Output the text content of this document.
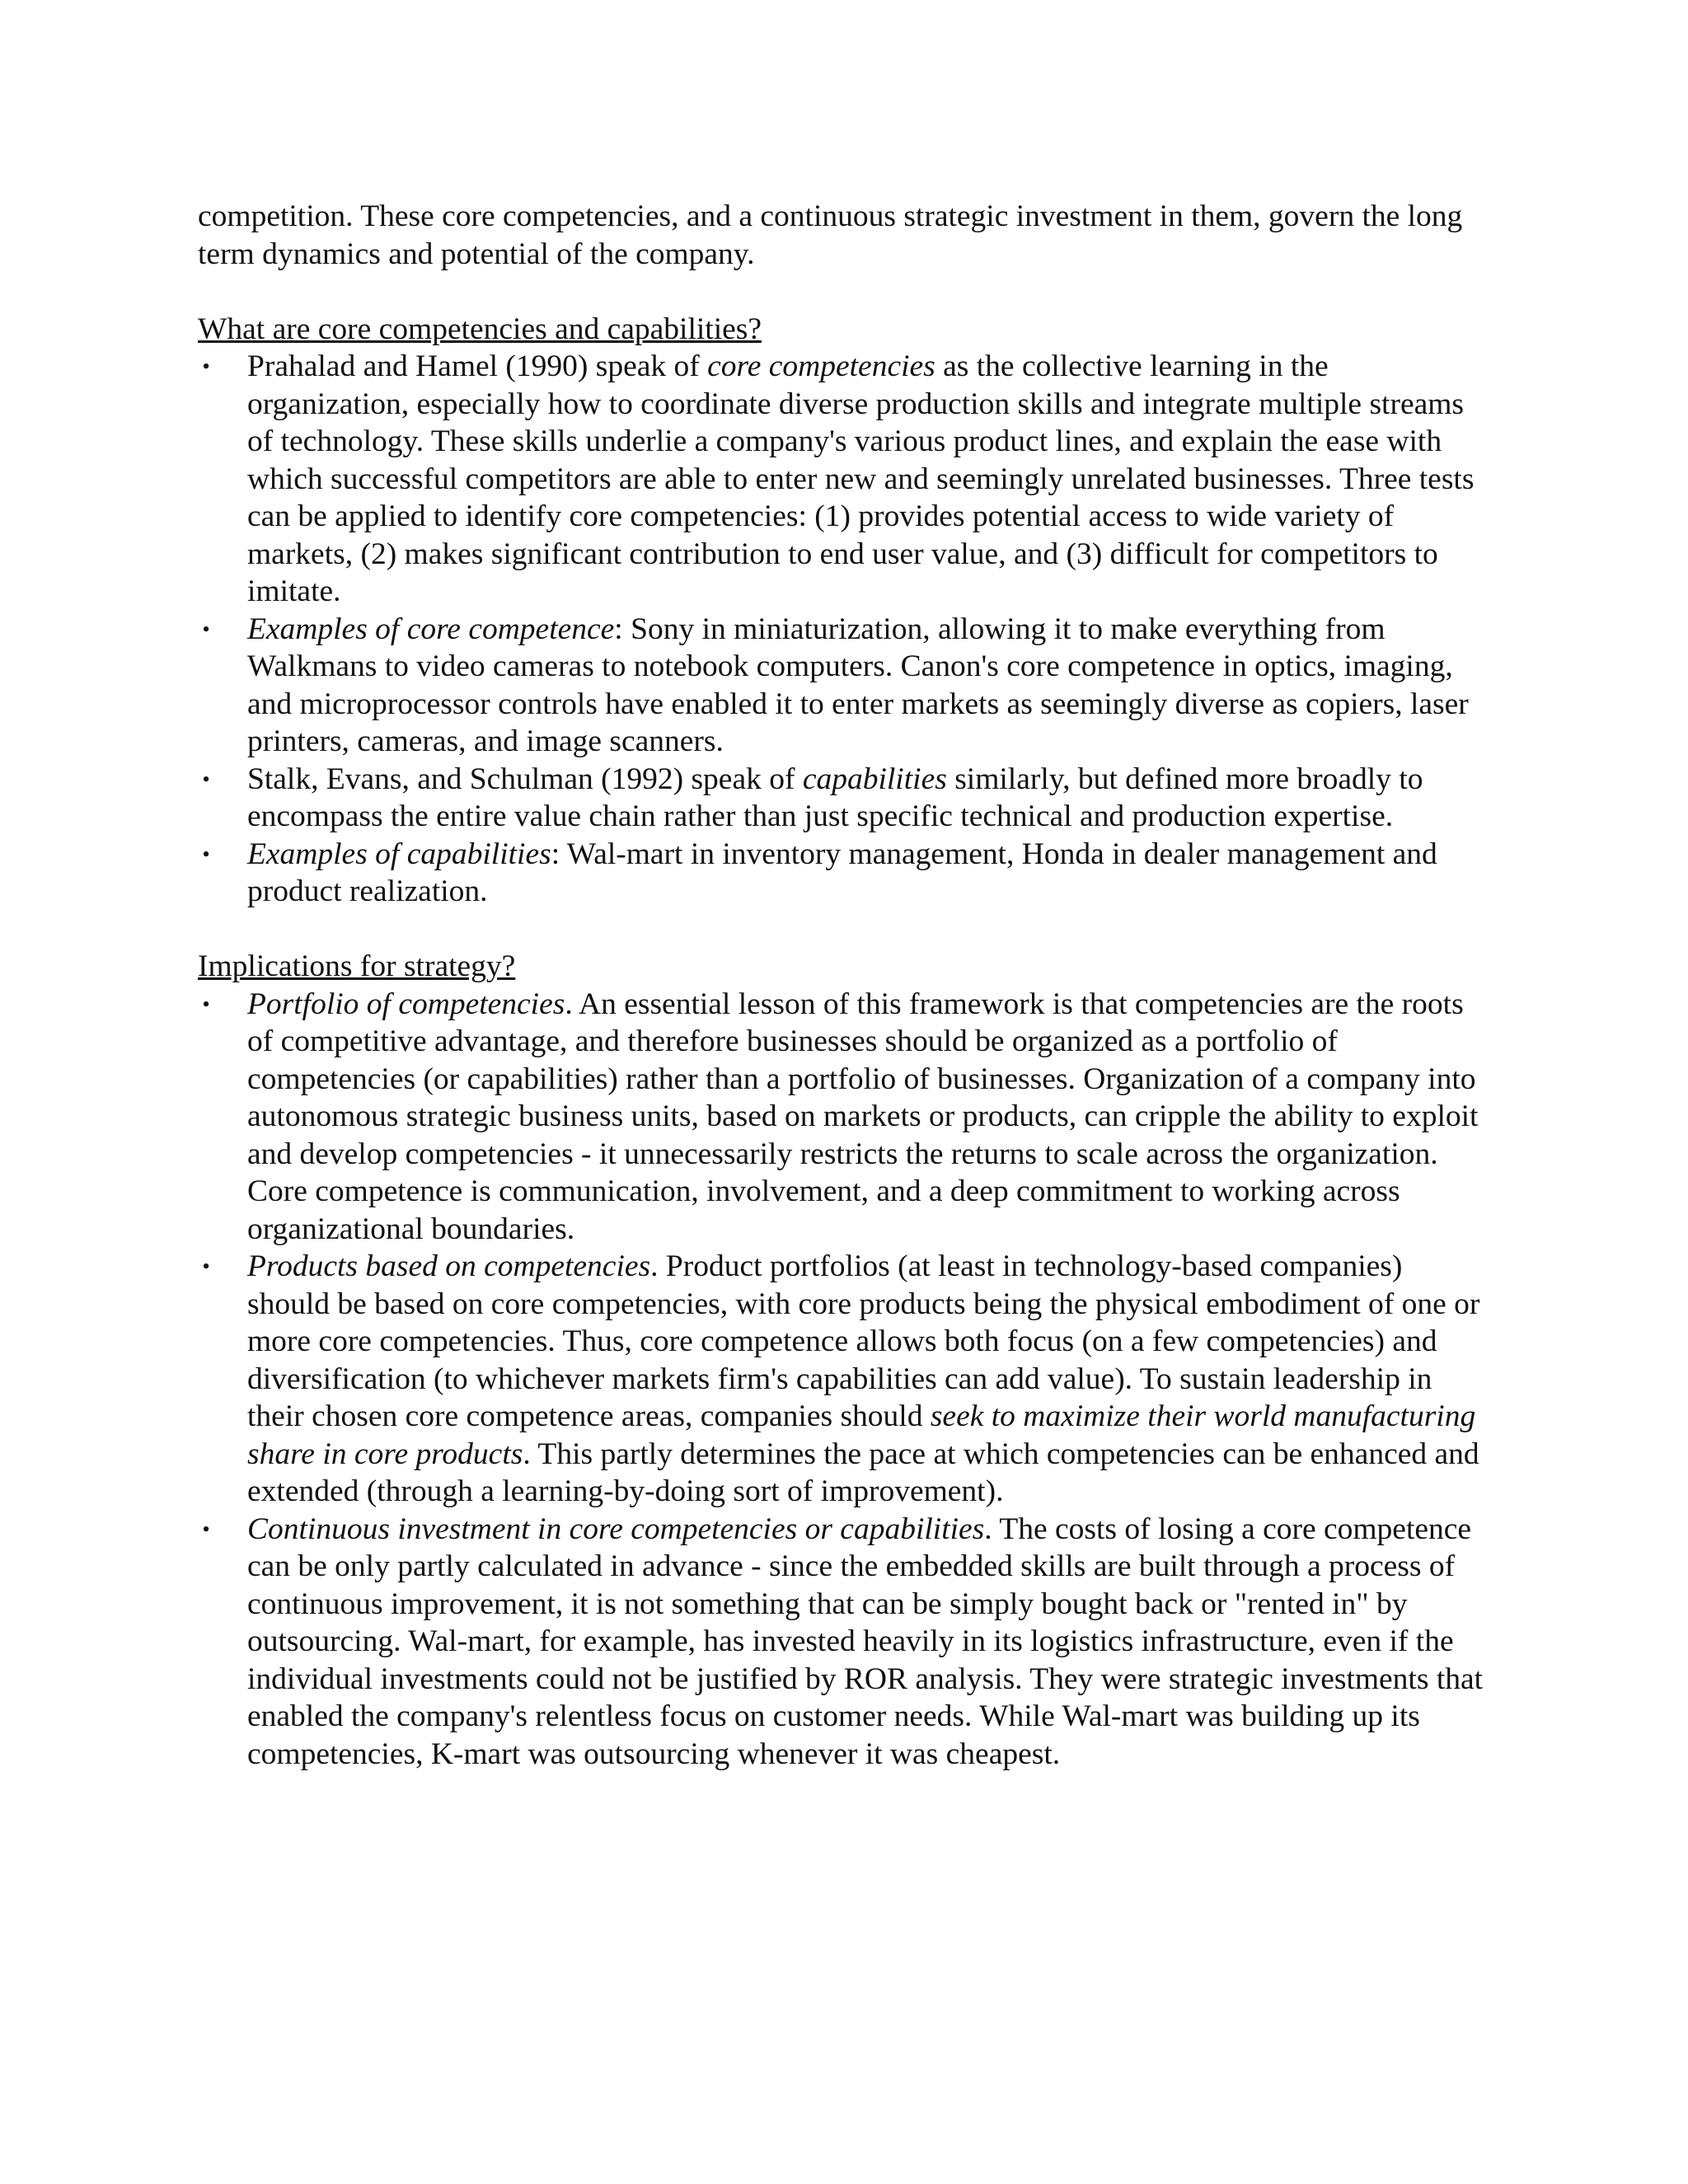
competition. These core competencies, and a continuous strategic investment in them, govern the long term dynamics and potential of the company.

What are core competencies and capabilities?

• Prahalad and Hamel (1990) speak of core competencies as the collective learning in the organization, especially how to coordinate diverse production skills and integrate multiple streams of technology. These skills underlie a company's various product lines, and explain the ease with which successful competitors are able to enter new and seemingly unrelated businesses. Three tests can be applied to identify core competencies: (1) provides potential access to wide variety of markets, (2) makes significant contribution to end user value, and (3) difficult for competitors to imitate.
• Examples of core competence: Sony in miniaturization, allowing it to make everything from Walkmans to video cameras to notebook computers. Canon's core competence in optics, imaging, and microprocessor controls have enabled it to enter markets as seemingly diverse as copiers, laser printers, cameras, and image scanners.
• Stalk, Evans, and Schulman (1992) speak of capabilities similarly, but defined more broadly to encompass the entire value chain rather than just specific technical and production expertise.
• Examples of capabilities: Wal-mart in inventory management, Honda in dealer management and product realization.

Implications for strategy?

• Portfolio of competencies. An essential lesson of this framework is that competencies are the roots of competitive advantage, and therefore businesses should be organized as a portfolio of competencies (or capabilities) rather than a portfolio of businesses. Organization of a company into autonomous strategic business units, based on markets or products, can cripple the ability to exploit and develop competencies - it unnecessarily restricts the returns to scale across the organization. Core competence is communication, involvement, and a deep commitment to working across organizational boundaries.
• Products based on competencies. Product portfolios (at least in technology-based companies) should be based on core competencies, with core products being the physical embodiment of one or more core competencies. Thus, core competence allows both focus (on a few competencies) and diversification (to whichever markets firm's capabilities can add value). To sustain leadership in their chosen core competence areas, companies should seek to maximize their world manufacturing share in core products. This partly determines the pace at which competencies can be enhanced and extended (through a learning-by-doing sort of improvement).
• Continuous investment in core competencies or capabilities. The costs of losing a core competence can be only partly calculated in advance - since the embedded skills are built through a process of continuous improvement, it is not something that can be simply bought back or "rented in" by outsourcing. Wal-mart, for example, has invested heavily in its logistics infrastructure, even if the individual investments could not be justified by ROR analysis. They were strategic investments that enabled the company's relentless focus on customer needs. While Wal-mart was building up its competencies, K-mart was outsourcing whenever it was cheapest.
